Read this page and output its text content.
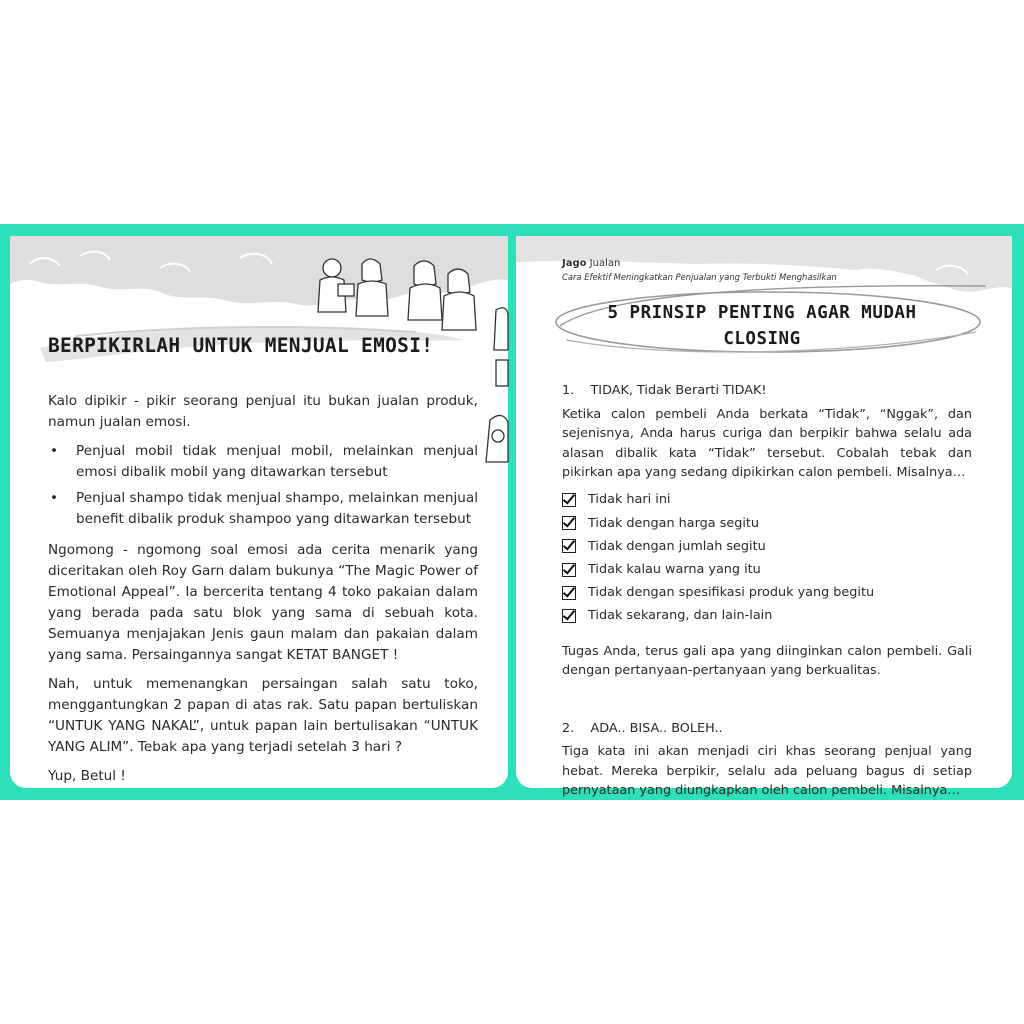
BERPIKIRLAH UNTUK MENJUAL EMOSI!

Kalo dipikir - pikir seorang penjual itu bukan jualan produk, namun jualan emosi.

• Penjual mobil tidak menjual mobil, melainkan menjual emosi dibalik mobil yang ditawarkan tersebut
• Penjual shampo tidak menjual shampo, melainkan menjual benefit dibalik produk shampoo yang ditawarkan tersebut

Ngomong - ngomong soal emosi ada cerita menarik yang diceritakan oleh Roy Garn dalam bukunya “The Magic Power of Emotional Appeal”. Ia bercerita tentang 4 toko pakaian dalam yang berada pada satu blok yang sama di sebuah kota. Semuanya menjajakan Jenis gaun malam dan pakaian dalam yang sama. Persaingannya sangat KETAT BANGET !

Nah, untuk memenangkan persaingan salah satu toko, menggantungkan 2 papan di atas rak. Satu papan bertuliskan “UNTUK YANG NAKAL”, untuk papan lain bertulisakan “UNTUK YANG ALIM”. Tebak apa yang terjadi setelah 3 hari ?

Yup, Betul !

Jago Jualan
Cara Efektif Meningkatkan Penjualan yang Terbukti Menghasilkan
5 PRINSIP PENTING AGAR MUDAH
CLOSING

1.    TIDAK, Tidak Berarti TIDAK!

Ketika calon pembeli Anda berkata “Tidak”, “Nggak”, dan sejenisnya, Anda harus curiga dan berpikir bahwa selalu ada alasan dibalik kata “Tidak” tersebut. Cobalah tebak dan pikirkan apa yang sedang dipikirkan calon pembeli. Misalnya…

Tidak hari ini
Tidak dengan harga segitu
Tidak dengan jumlah segitu
Tidak kalau warna yang itu
Tidak dengan spesifikasi produk yang begitu
Tidak sekarang, dan lain-lain

Tugas Anda, terus gali apa yang diinginkan calon pembeli. Gali dengan pertanyaan-pertanyaan yang berkualitas.

2.    ADA.. BISA.. BOLEH..

Tiga kata ini akan menjadi ciri khas seorang penjual yang hebat. Mereka berpikir, selalu ada peluang bagus di setiap pernyataan yang diungkapkan oleh calon pembeli. Misalnya…
